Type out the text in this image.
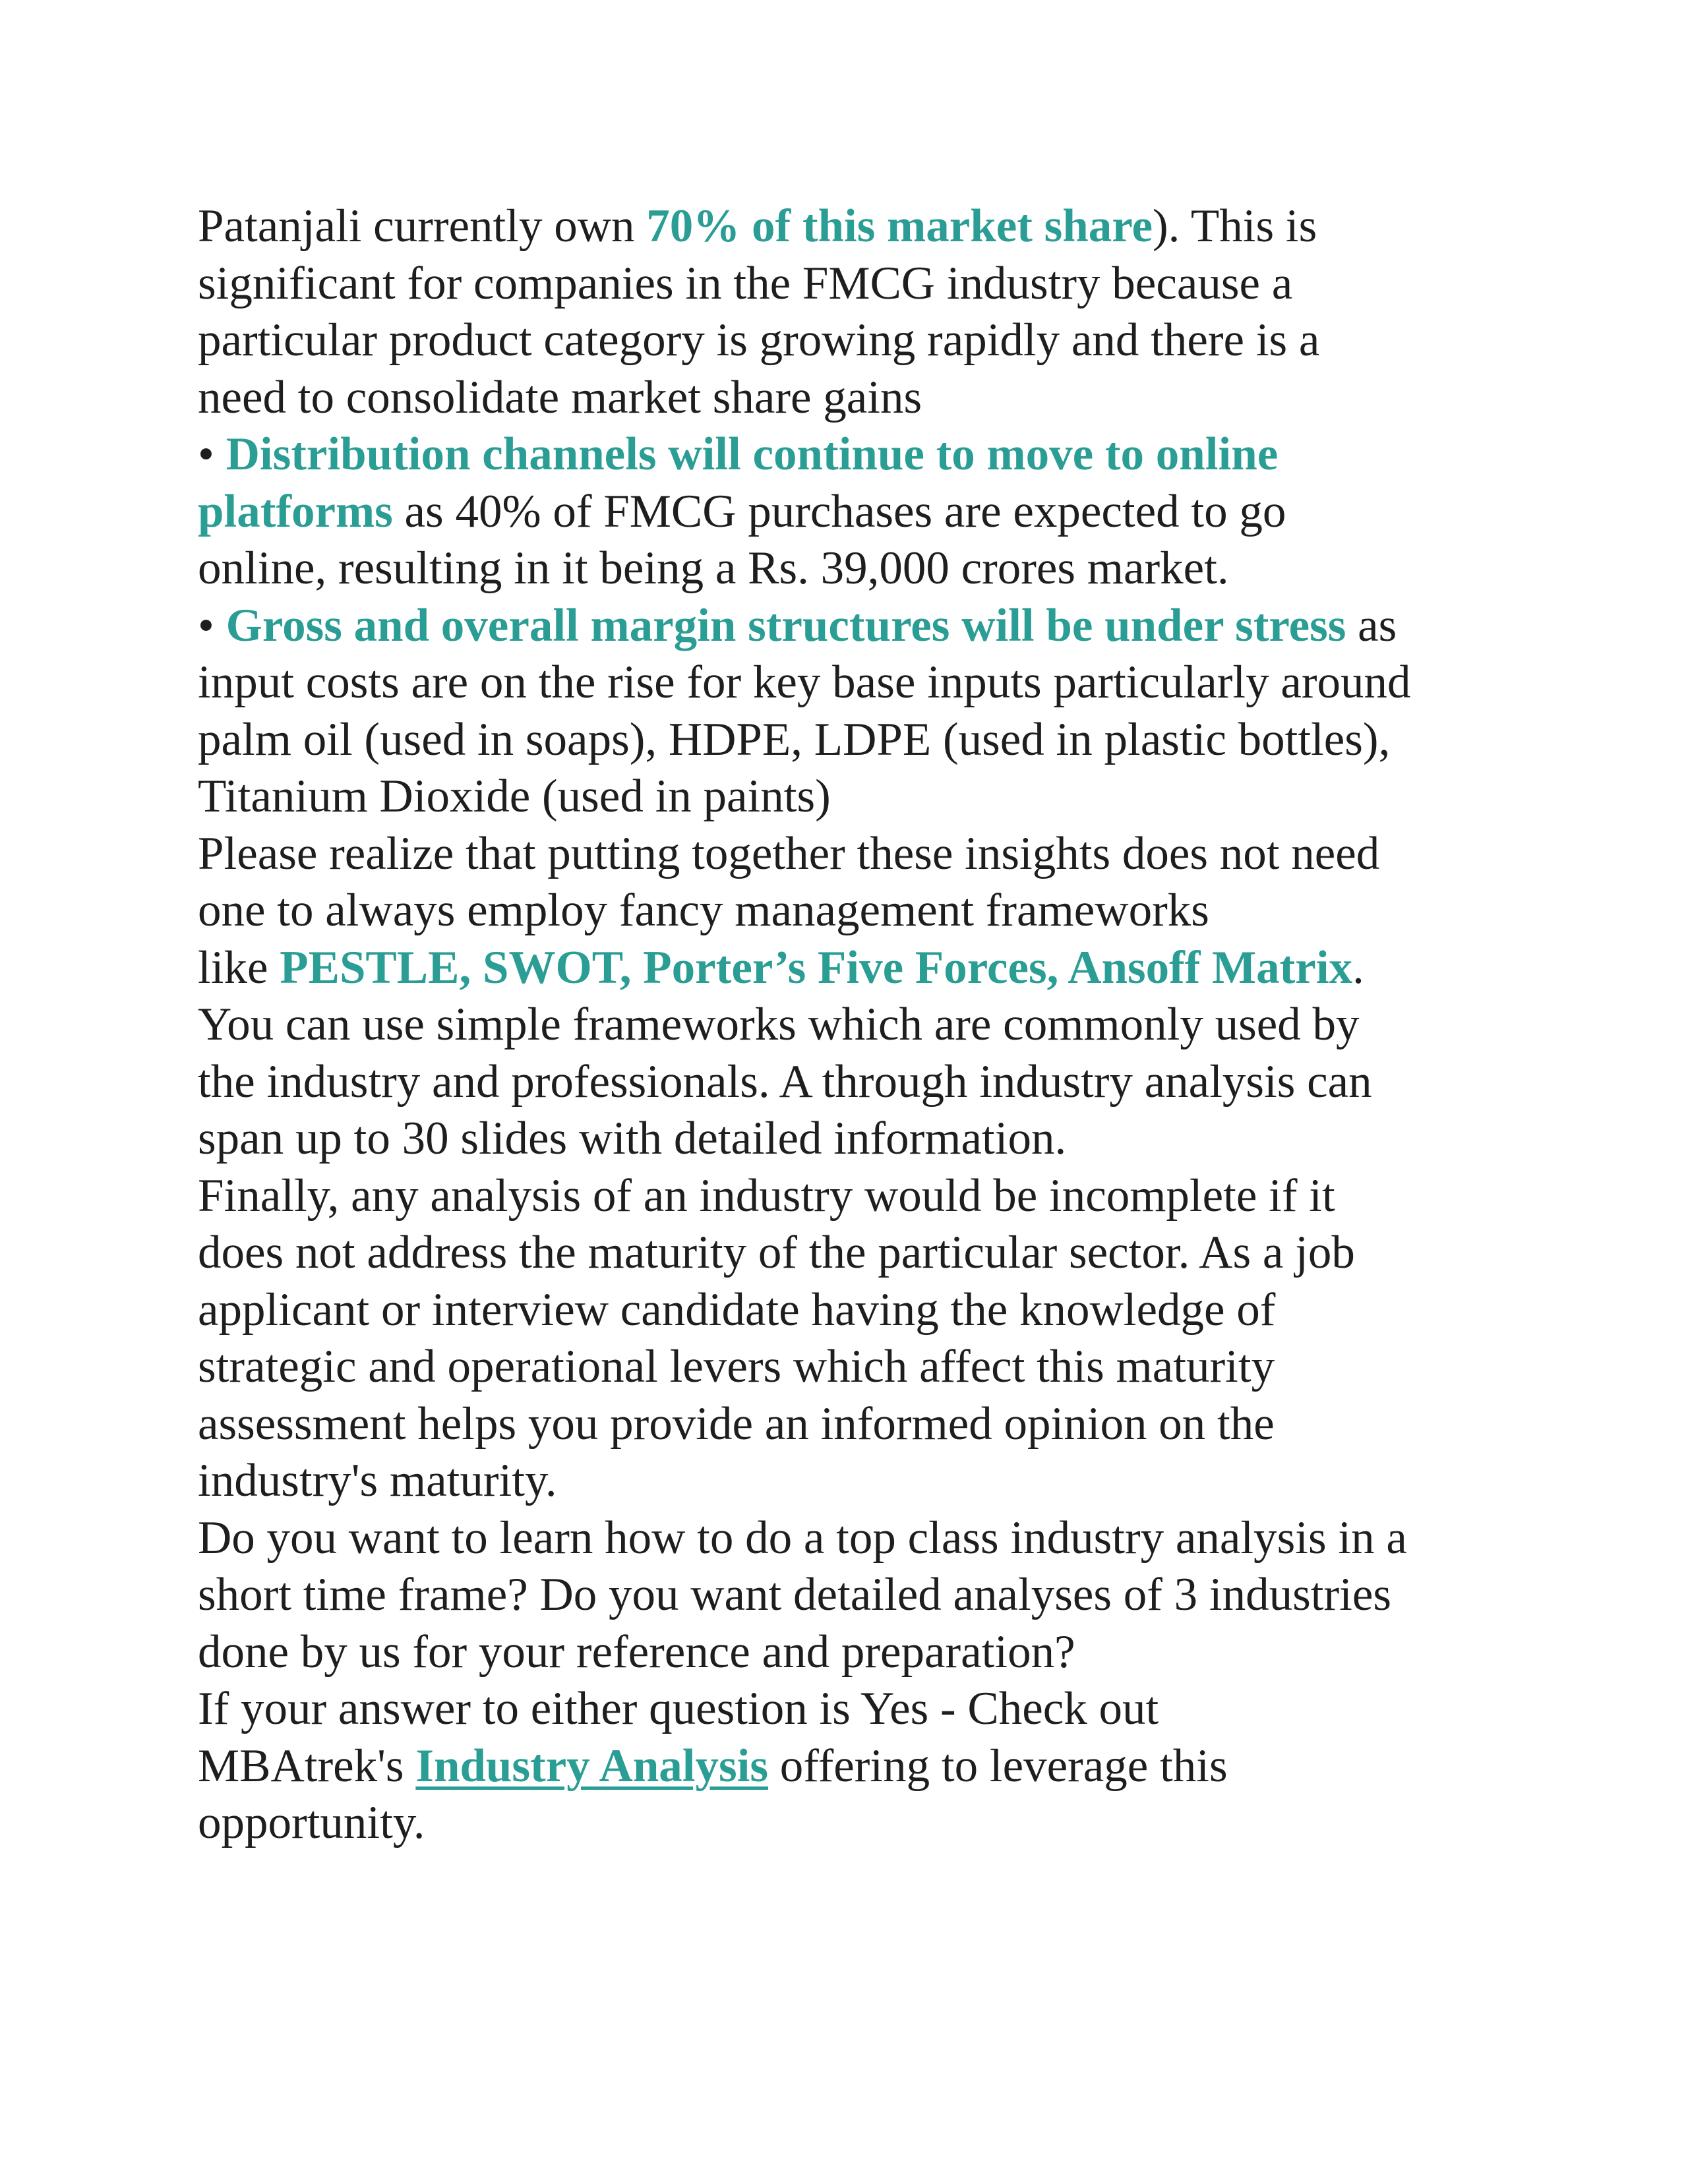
Patanjali currently own 70% of this market share). This is
significant for companies in the FMCG industry because a
particular product category is growing rapidly and there is a
need to consolidate market share gains
• Distribution channels will continue to move to online
platforms as 40% of FMCG purchases are expected to go
online, resulting in it being a Rs. 39,000 crores market.
• Gross and overall margin structures will be under stress as
input costs are on the rise for key base inputs particularly around
palm oil (used in soaps), HDPE, LDPE (used in plastic bottles),
Titanium Dioxide (used in paints)
Please realize that putting together these insights does not need
one to always employ fancy management frameworks
like PESTLE, SWOT, Porter’s Five Forces, Ansoff Matrix.
You can use simple frameworks which are commonly used by
the industry and professionals. A through industry analysis can
span up to 30 slides with detailed information.
Finally, any analysis of an industry would be incomplete if it
does not address the maturity of the particular sector. As a job
applicant or interview candidate having the knowledge of
strategic and operational levers which affect this maturity
assessment helps you provide an informed opinion on the
industry's maturity.
Do you want to learn how to do a top class industry analysis in a
short time frame? Do you want detailed analyses of 3 industries
done by us for your reference and preparation?
If your answer to either question is Yes - Check out
MBAtrek's Industry Analysis offering to leverage this
opportunity.
